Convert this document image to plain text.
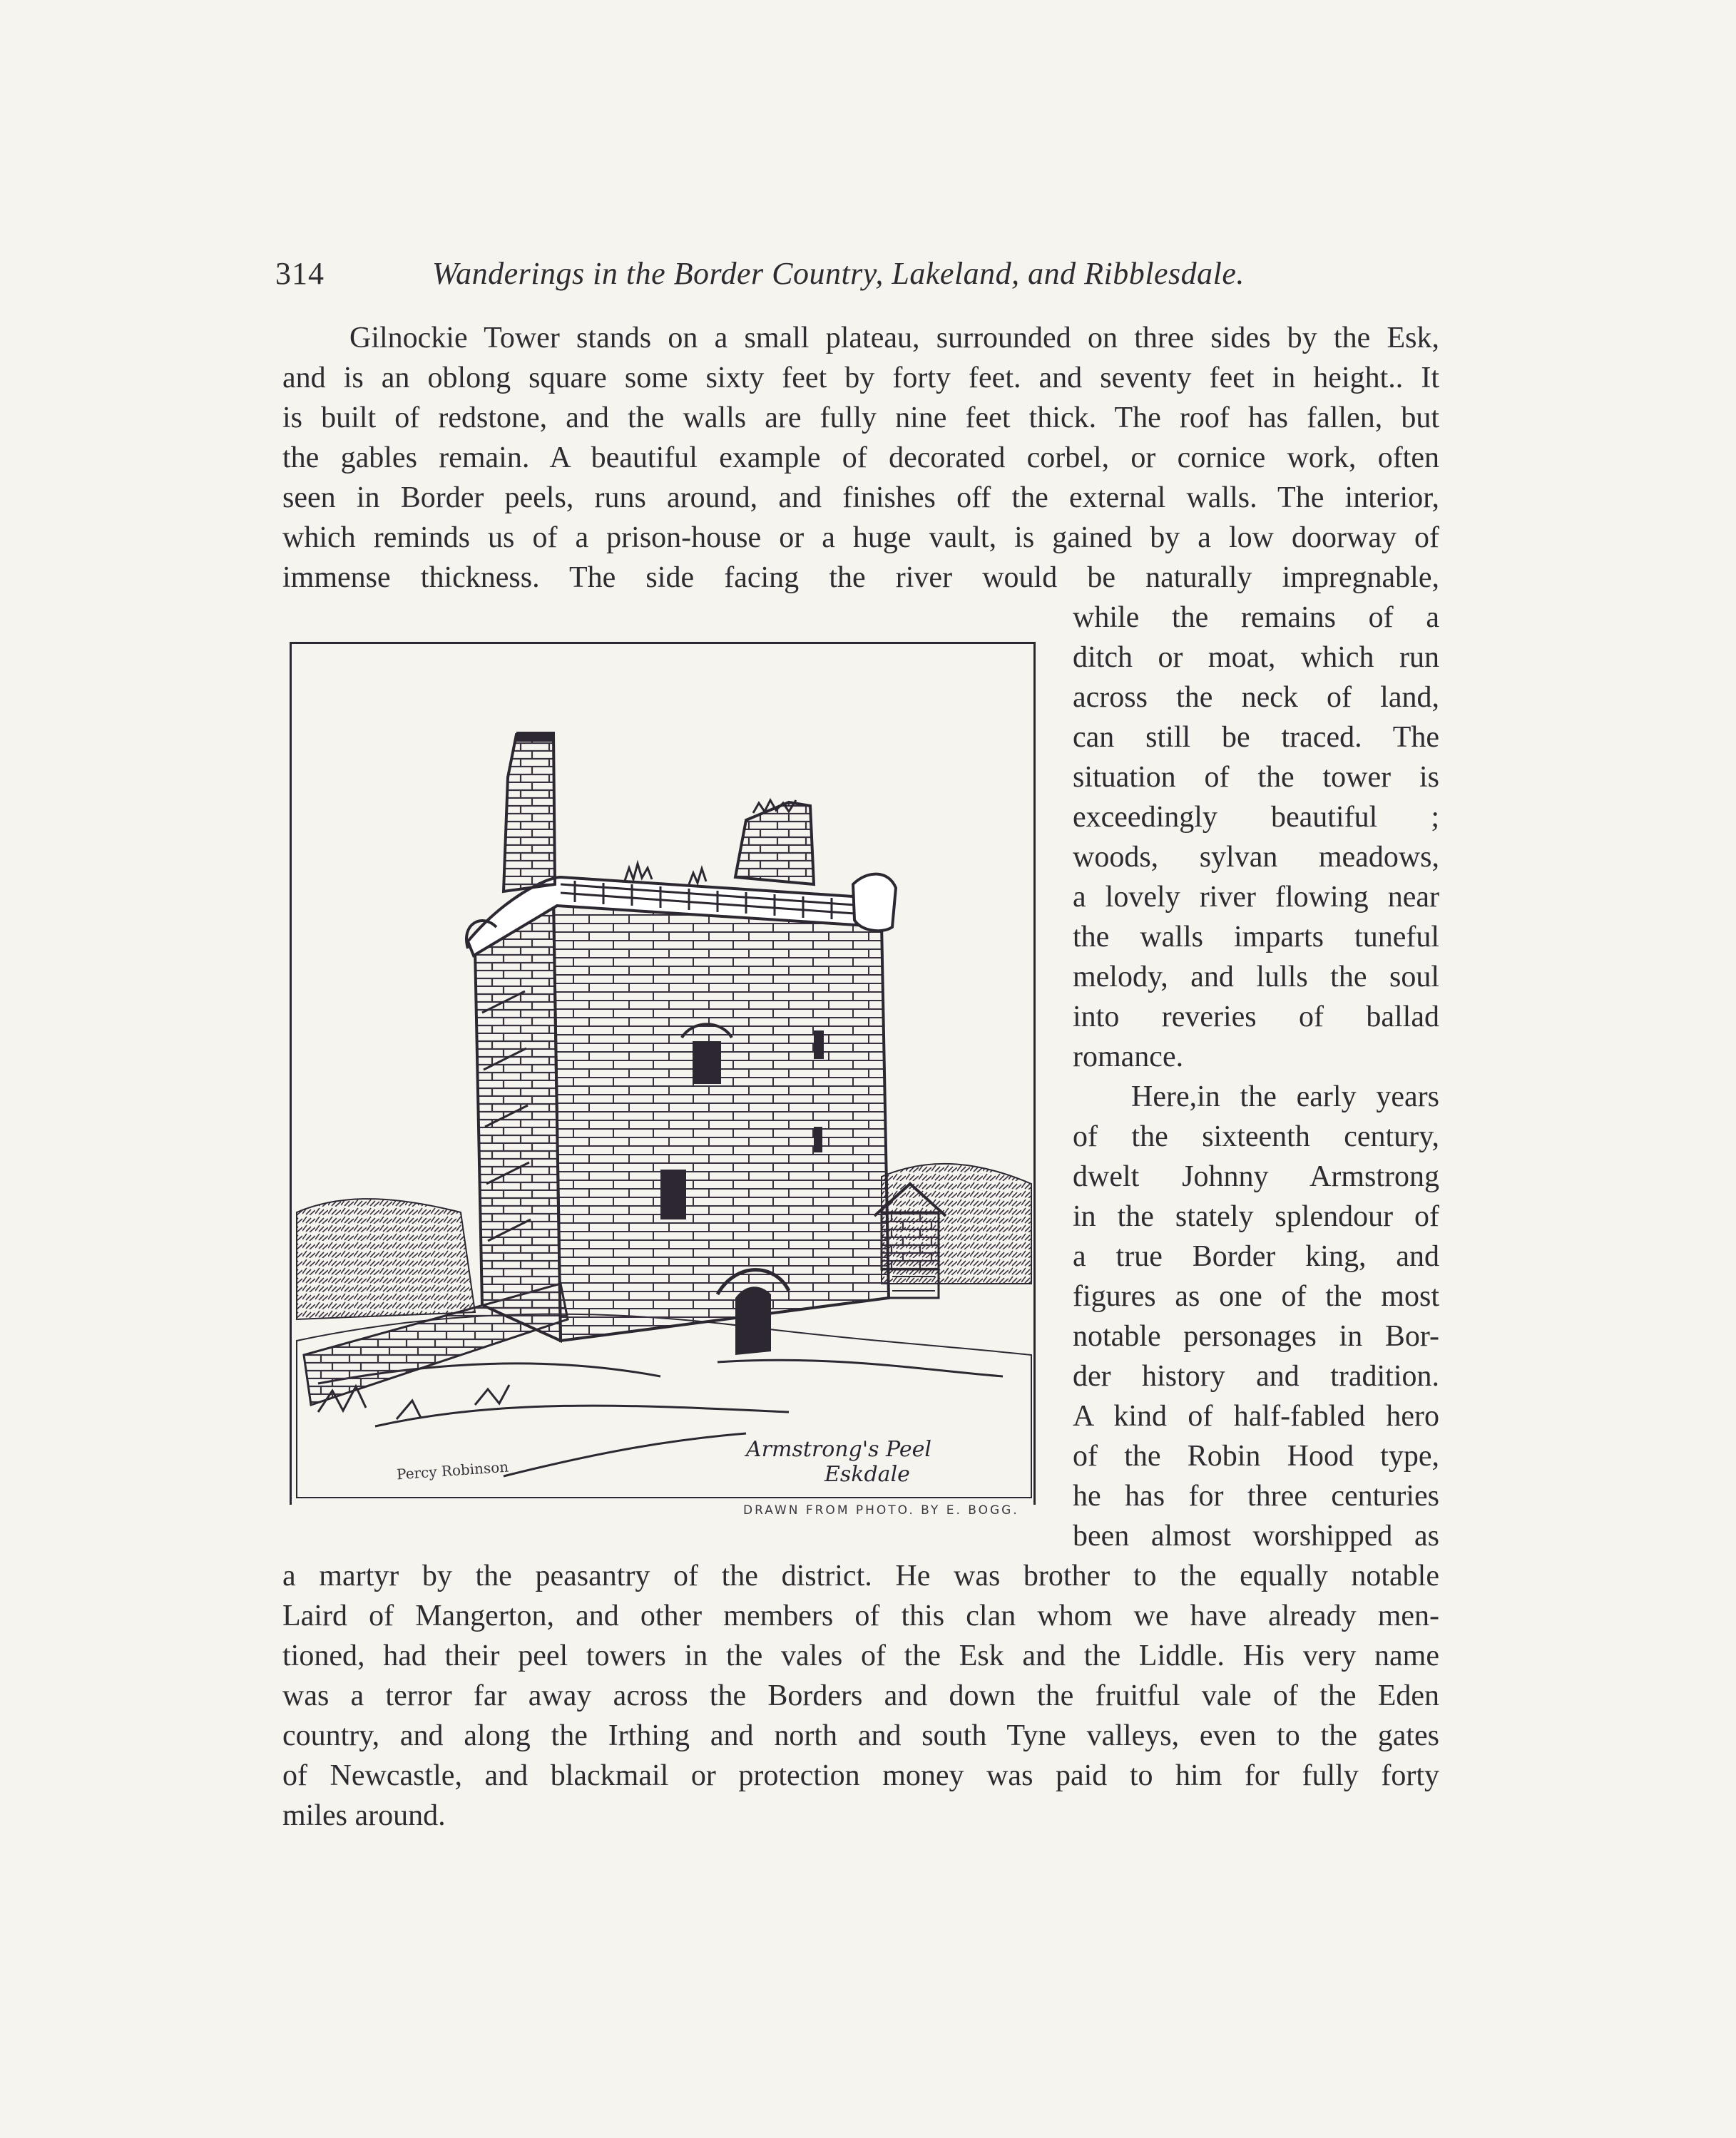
314	Wanderings in the Border Country, Lakeland, and Ribblesdale.
Gilnockie Tower stands on a small plateau, surrounded on three sides by the Esk,
and is an oblong square some sixty feet by forty feet. and seventy feet in height.. It
is built of redstone, and the walls are fully nine feet thick. The roof has fallen, but
the gables remain. A beautiful example of decorated corbel, or cornice work, often
seen in Border peels, runs around, and finishes off the external walls. The interior,
which reminds us of a prison-house or a huge vault, is gained by a low doorway of
immense thickness. The side facing the river would be naturally impregnable,
while the remains of a
ditch or moat, which run
across the neck of land,
can still be traced. The
situation of the tower is
exceedingly beautiful ;
woods, sylvan meadows,
a lovely river flowing near
the walls imparts tuneful
melody, and lulls the soul
into reveries of ballad
romance.
Here,in the early years
of the sixteenth century,
dwelt Johnny Armstrong
in the stately splendour of
a true Border king, and
figures as one of the most
notable personages in Bor-
der history and tradition.
A kind of half-fabled hero
of the Robin Hood type,
he has for three centuries
been almost worshipped as
a martyr by the peasantry of the district. He was brother to the equally notable
Laird of Mangerton, and other members of this clan whom we have already men-
tioned, had their peel towers in the vales of the Esk and the Liddle. His very name
was a terror far away across the Borders and down the fruitful vale of the Eden
country, and along the Irthing and north and south Tyne valleys, even to the gates
of Newcastle, and blackmail or protection money was paid to him for fully forty
miles around.
Armstrong's Peel
Eskdale
Percy Robinson
DRAWN FROM PHOTO. BY E. BOGG.
